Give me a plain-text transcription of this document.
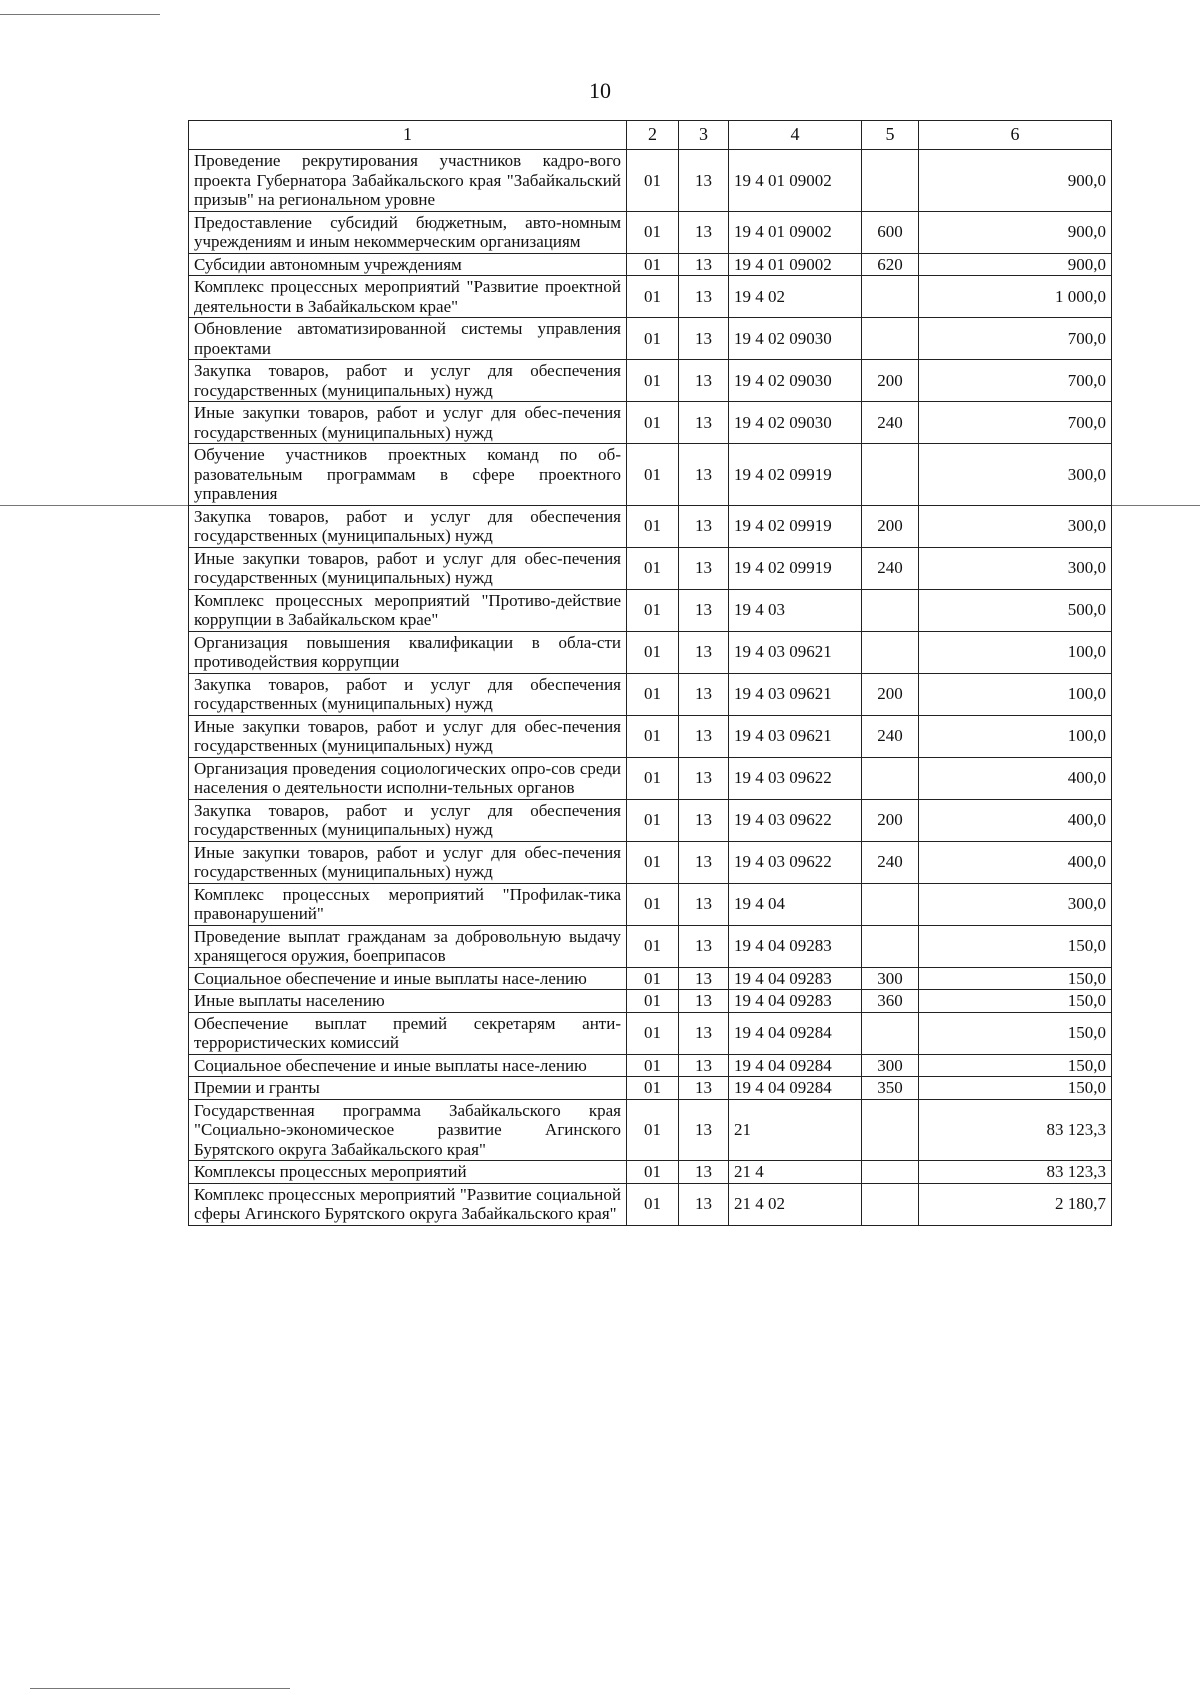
10
1	2	3	4	5	6
Проведение рекрутирования участников кадро-вого проекта Губернатора Забайкальского края "Забайкальский призыв" на региональном уровне	01	13	19 4 01 09002		900,0
Предоставление субсидий бюджетным, авто-номным учреждениям и иным некоммерческим организациям	01	13	19 4 01 09002	600	900,0
Субсидии автономным учреждениям	01	13	19 4 01 09002	620	900,0
Комплекс процессных мероприятий "Развитие проектной деятельности в Забайкальском крае"	01	13	19 4 02		1 000,0
Обновление автоматизированной системы управления проектами	01	13	19 4 02 09030		700,0
Закупка товаров, работ и услуг для обеспечения государственных (муниципальных) нужд	01	13	19 4 02 09030	200	700,0
Иные закупки товаров, работ и услуг для обес-печения государственных (муниципальных) нужд	01	13	19 4 02 09030	240	700,0
Обучение участников проектных команд по об-разовательным программам в сфере проектного управления	01	13	19 4 02 09919		300,0
Закупка товаров, работ и услуг для обеспечения государственных (муниципальных) нужд	01	13	19 4 02 09919	200	300,0
Иные закупки товаров, работ и услуг для обес-печения государственных (муниципальных) нужд	01	13	19 4 02 09919	240	300,0
Комплекс процессных мероприятий "Противо-действие коррупции в Забайкальском крае"	01	13	19 4 03		500,0
Организация повышения квалификации в обла-сти противодействия коррупции	01	13	19 4 03 09621		100,0
Закупка товаров, работ и услуг для обеспечения государственных (муниципальных) нужд	01	13	19 4 03 09621	200	100,0
Иные закупки товаров, работ и услуг для обес-печения государственных (муниципальных) нужд	01	13	19 4 03 09621	240	100,0
Организация проведения социологических опро-сов среди населения о деятельности исполни-тельных органов	01	13	19 4 03 09622		400,0
Закупка товаров, работ и услуг для обеспечения государственных (муниципальных) нужд	01	13	19 4 03 09622	200	400,0
Иные закупки товаров, работ и услуг для обес-печения государственных (муниципальных) нужд	01	13	19 4 03 09622	240	400,0
Комплекс процессных мероприятий "Профилак-тика правонарушений"	01	13	19 4 04		300,0
Проведение выплат гражданам за добровольную выдачу хранящегося оружия, боеприпасов	01	13	19 4 04 09283		150,0
Социальное обеспечение и иные выплаты насе-лению	01	13	19 4 04 09283	300	150,0
Иные выплаты населению	01	13	19 4 04 09283	360	150,0
Обеспечение выплат премий секретарям анти-террористических комиссий	01	13	19 4 04 09284		150,0
Социальное обеспечение и иные выплаты насе-лению	01	13	19 4 04 09284	300	150,0
Премии и гранты	01	13	19 4 04 09284	350	150,0
Государственная программа Забайкальского края "Социально-экономическое развитие Агинского Бурятского округа Забайкальского края"	01	13	21		83 123,3
Комплексы процессных мероприятий	01	13	21 4		83 123,3
Комплекс процессных мероприятий "Развитие социальной сферы Агинского Бурятского округа Забайкальского края"	01	13	21 4 02		2 180,7
